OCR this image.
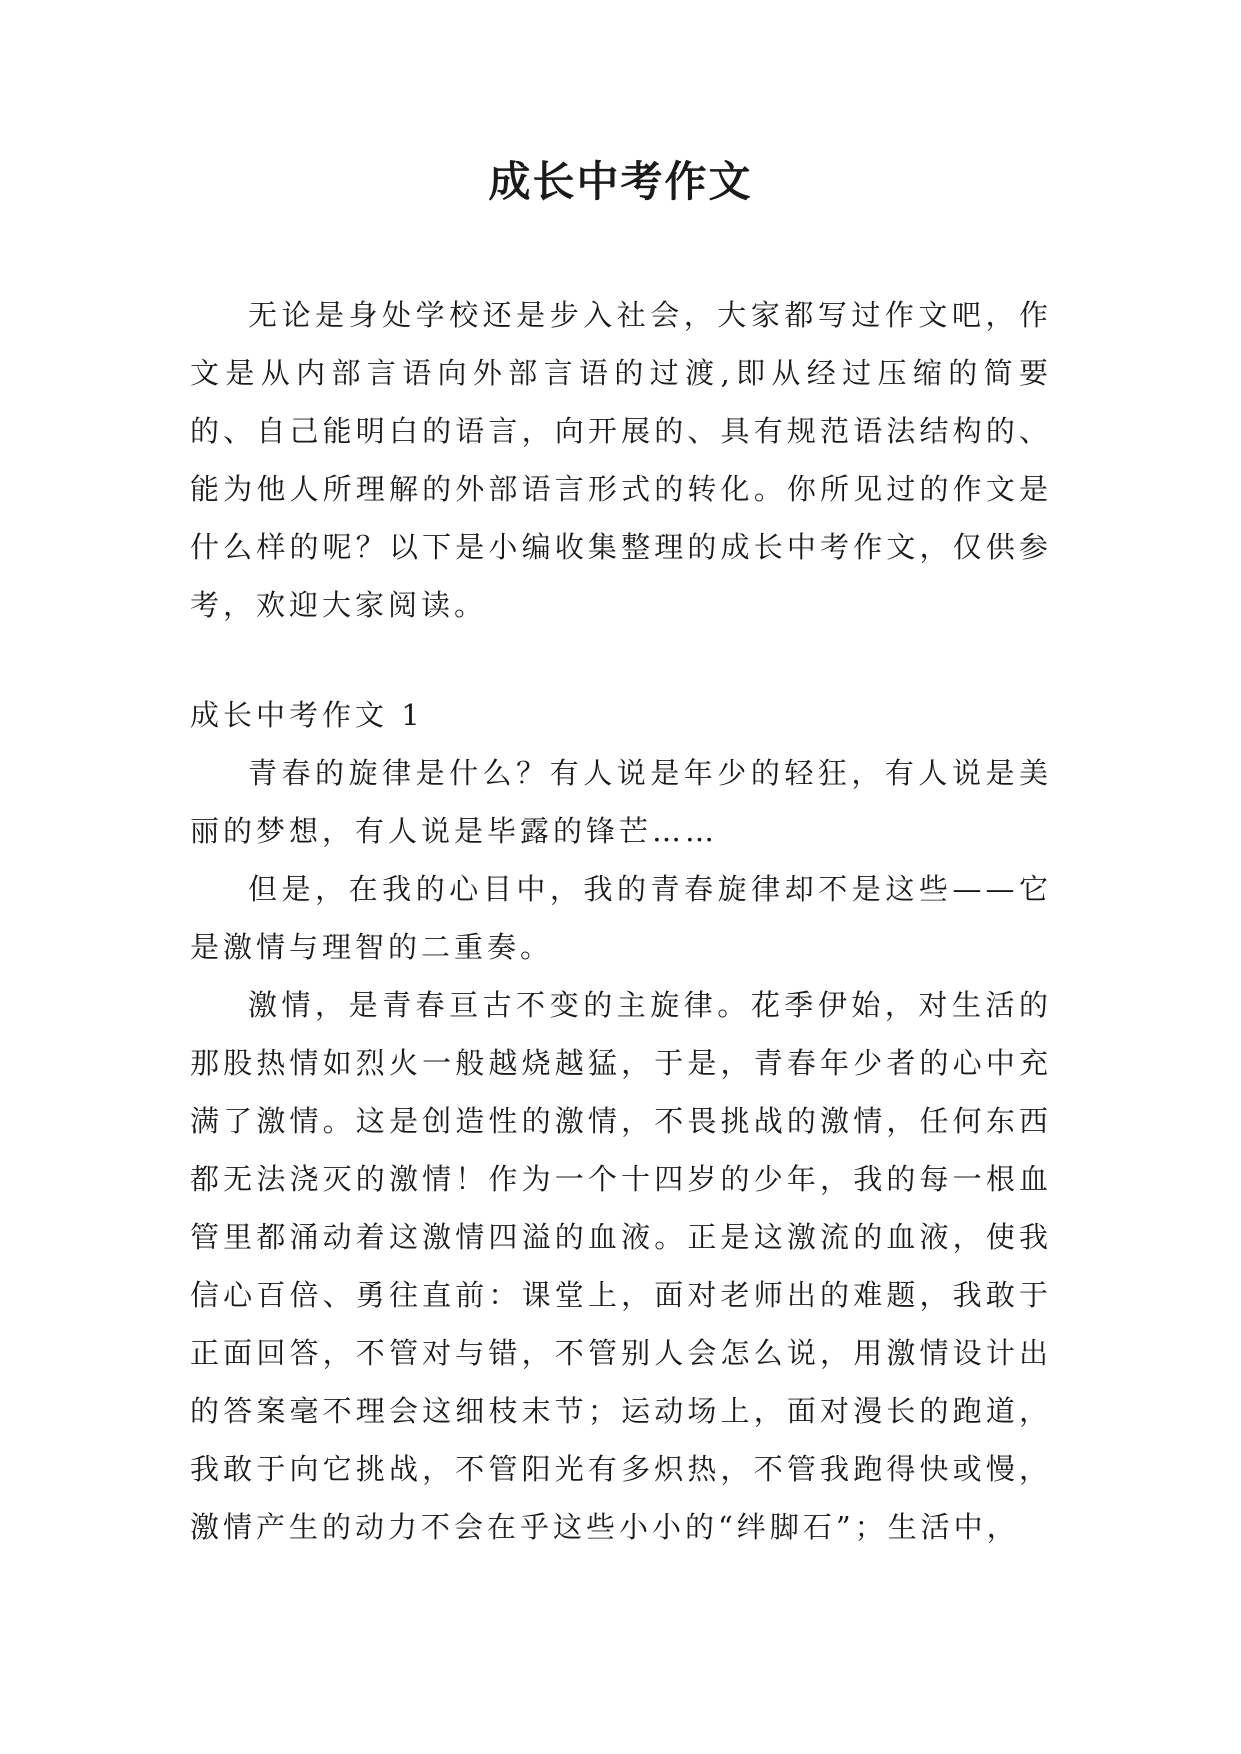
成长中考作文

无论是身处学校还是步入社会，大家都写过作文吧，作文是从内部言语向外部言语的过渡,即从经过压缩的简要的、自己能明白的语言，向开展的、具有规范语法结构的、能为他人所理解的外部语言形式的转化。你所见过的作文是什么样的呢？以下是小编收集整理的成长中考作文，仅供参考，欢迎大家阅读。

成长中考作文 1

青春的旋律是什么？有人说是年少的轻狂，有人说是美丽的梦想，有人说是毕露的锋芒……

但是，在我的心目中，我的青春旋律却不是这些——它是激情与理智的二重奏。

激情，是青春亘古不变的主旋律。花季伊始，对生活的那股热情如烈火一般越烧越猛，于是，青春年少者的心中充满了激情。这是创造性的激情，不畏挑战的激情，任何东西都无法浇灭的激情！作为一个十四岁的少年，我的每一根血管里都涌动着这激情四溢的血液。正是这激流的血液，使我信心百倍、勇往直前：课堂上，面对老师出的难题，我敢于正面回答，不管对与错，不管别人会怎么说，用激情设计出的答案毫不理会这细枝末节；运动场上，面对漫长的跑道，我敢于向它挑战，不管阳光有多炽热，不管我跑得快或慢，激情产生的动力不会在乎这些小小的“绊脚石”；生活中，
